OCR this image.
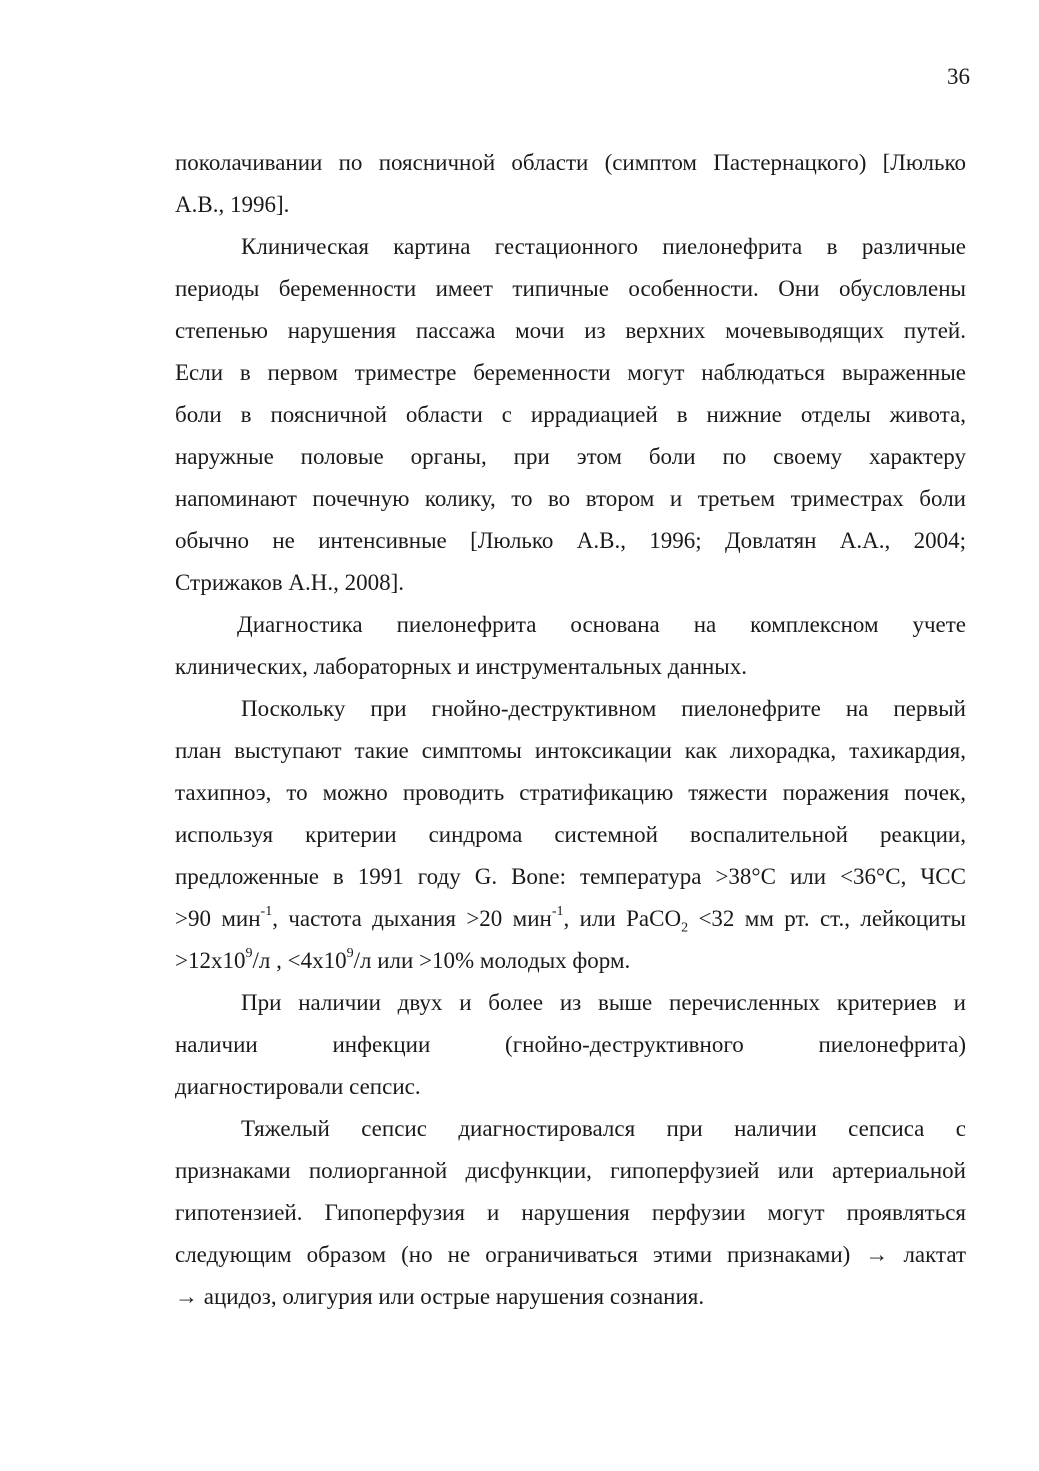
36
поколачивании по поясничной области (симптом Пастернацкого) [Люлько
А.В., 1996].
Клиническая картина гестационного пиелонефрита в различные
периоды беременности имеет типичные особенности. Они обусловлены
степенью нарушения пассажа мочи из верхних мочевыводящих путей.
Если в первом триместре беременности могут наблюдаться выраженные
боли в поясничной области с иррадиацией в нижние отделы живота,
наружные половые органы, при этом боли по своему характеру
напоминают почечную колику, то во втором и третьем триместрах боли
обычно не интенсивные [Люлько А.В., 1996; Довлатян А.А., 2004;
Стрижаков А.Н., 2008].
Диагностика пиелонефрита основана на комплексном учете
клинических, лабораторных и инструментальных данных.
Поскольку при гнойно-деструктивном пиелонефрите на первый
план выступают такие симптомы интоксикации как лихорадка, тахикардия,
тахипноэ, то можно проводить стратификацию тяжести поражения почек,
используя критерии синдрома системной воспалительной реакции,
предложенные в 1991 году G. Bone: температура >38°С или <36°С, ЧСС
>90 мин$^{-1}$, частота дыхания >20 мин$^{-1}$, или PaCO$_2$ <32 мм рт. ст., лейкоциты
$>12x10^9/л$ , $<4x10^9/л$ или >10% молодых форм.
При наличии двух и более из выше перечисленных критериев и
наличии инфекции (гнойно-деструктивного пиелонефрита)
диагностировали сепсис.
Тяжелый сепсис диагностировался при наличии сепсиса с
признаками полиорганной дисфункции, гипоперфузией или артериальной
гипотензией. Гипоперфузия и нарушения перфузии могут проявляться
следующим образом (но не ограничиваться этими признаками) → лактат
→ ацидоз, олигурия или острые нарушения сознания.
